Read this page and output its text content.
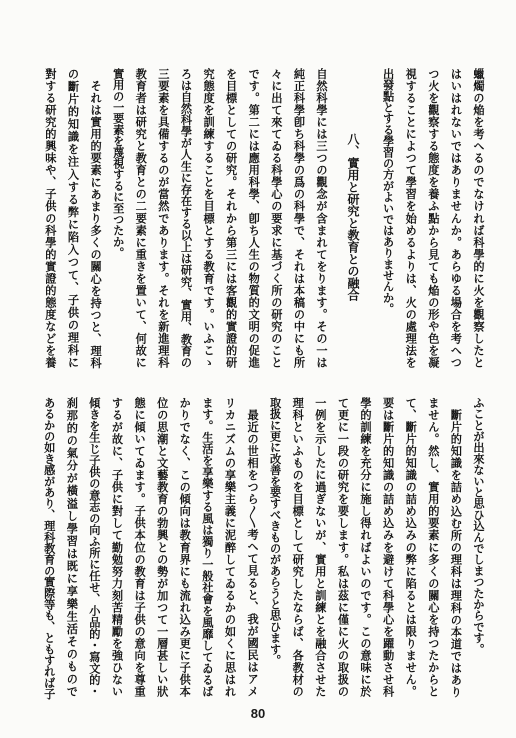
蠟燭の焔を考へるのでなければ科學的に火を觀察したと
はいはれないではありませんか。あらゆる場合を考へつ
つ火を觀察する態度を養ふ點から見ても焔の形や色を凝
視することによつて學習を始めるよりは、火の處理法を
出發點とする學習の方がよいではありませんか。
八、實用と研究と教育との融合
自然科學には三つの觀念が含まれてをります。その一は
純正科學卽ち科學の爲の科學で、それは本稿の中にも所
々に出て來てゐる科學心の要求に基づく所の研究のこと
です。第二には應用科學、卽ち人生の物質的文明の促進
を目標としての研究。それから第三には客觀的實證的研
究態度を訓練することを目標とする教育です。いふこゝ
ろは自然科學が人生に存在する以上は研究、實用、教育の
三要素を具備するのが當然であります。それを新進理科
教育者は研究と教育との二要素に重きを置いて、何故に
實用の一要素を蔑視するに至つたか。
それは實用的要素にあまり多くの關心を持つと、理科
の斷片的知識を注入する弊に陷入つて、子供の理科に
對する研究的興味や、子供の科學的實證的態度などを養
ふことが出來ないと思ひ込んでしまつたからです。
斷片的知識を詰め込む所の理科は理科の本道ではあり
ません。然し、實用的要素に多くの關心を持つたからと
て、斷片的知識の詰め込みの弊に陷るとは限りません。
要は斷片的知識の詰め込みを避けて科學心を躍動させ科
學的訓練を充分に施し得ればよいのです。この意味に於
て更に一段の研究を要します。私は茲に僅に火の取扱の
一例を示したに過ぎないが、實用と訓練とを融合させた
理科といふものを目標として研究したならば、各教材の
取扱に更に改善を要すべきものがあらうと思ひます。
最近の世相をつら〳〵考へて見ると、我が國民はアメ
リカニズムの享樂主義に泥醉してゐるかの如くに思はれ
ます。生活を享樂する風は獨り一般社會を風靡してゐるば
かりでなく、この傾向は教育界にも流れ込み更に子供本
位の思潮と文藝教育の勃興との勢が加つて一層甚しい狀
態に傾いてゐます。子供本位の教育は子供の意向を尊重
するが故に、子供に對して勤勉努力刻苦精勵を強ひない
傾きを生じ子供の意志の向ふ所に任せ、小品的・寫文的・
刹那的の氣分が橫溢し學習は既に享樂生活そのもので
あるかの如き感があり、理科教育の實際等も、ともすれば子
80
